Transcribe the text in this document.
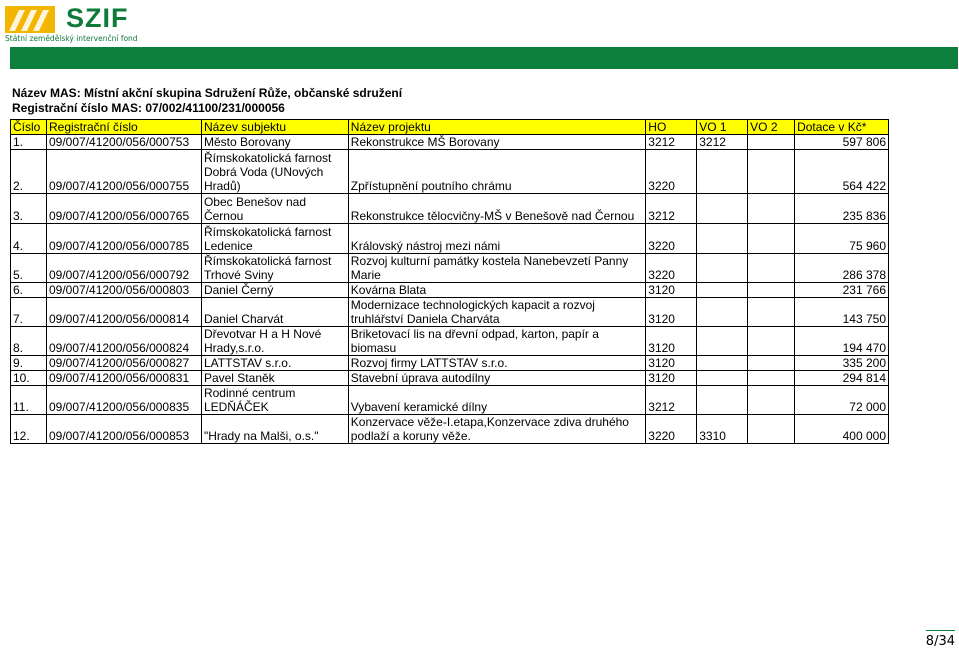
SZIF
Státní zemědělský intervenční fond
Název MAS: Místní akční skupina Sdružení Růže, občanské sdružení
Registrační číslo MAS: 07/002/41100/231/000056
Číslo	Registrační číslo	Název subjektu	Název projektu	HO	VO 1	VO 2	Dotace v Kč*
1.	09/007/41200/056/000753	Město Borovany	Rekonstrukce MŠ Borovany	3212	3212		597 806
2.	09/007/41200/056/000755	Římskokatolická farnost Dobrá Voda (UNových Hradů)	Zpřístupnění poutního chrámu	3220			564 422
3.	09/007/41200/056/000765	Obec Benešov nad Černou	Rekonstrukce tělocvičny-MŠ v Benešově nad Černou	3212			235 836
4.	09/007/41200/056/000785	Římskokatolická farnost Ledenice	Královský nástroj mezi námi	3220			75 960
5.	09/007/41200/056/000792	Římskokatolická farnost Trhové Sviny	Rozvoj kulturní památky kostela Nanebevzetí Panny Marie	3220			286 378
6.	09/007/41200/056/000803	Daniel Černý	Kovárna Blata	3120			231 766
7.	09/007/41200/056/000814	Daniel Charvát	Modernizace technologických kapacit a rozvoj truhlářství Daniela Charváta	3120			143 750
8.	09/007/41200/056/000824	Dřevotvar H a H Nové Hrady,s.r.o.	Briketovací lis na dřevní odpad, karton, papír a biomasu	3120			194 470
9.	09/007/41200/056/000827	LATTSTAV s.r.o.	Rozvoj firmy LATTSTAV s.r.o.	3120			335 200
10.	09/007/41200/056/000831	Pavel Staněk	Stavební úprava autodílny	3120			294 814
11.	09/007/41200/056/000835	Rodinné centrum LEDŇÁČEK	Vybavení keramické dílny	3212			72 000
12.	09/007/41200/056/000853	"Hrady na Malši, o.s."	Konzervace věže-I.etapa,Konzervace zdiva druhého podlaží a koruny věže.	3220	3310		400 000
8/34
